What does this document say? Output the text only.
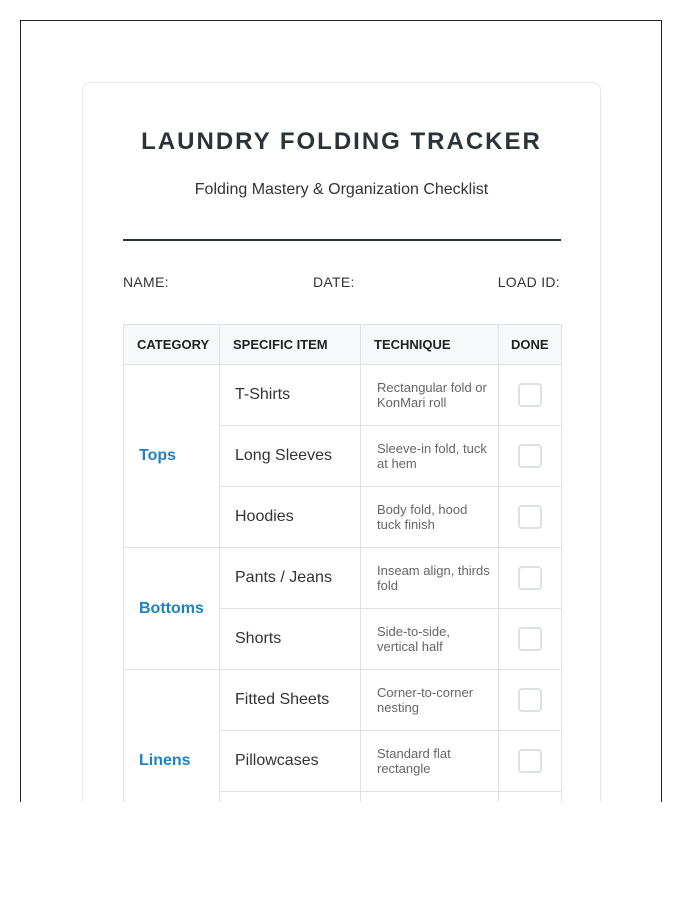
LAUNDRY FOLDING TRACKER
Folding Mastery & Organization Checklist
NAME:	DATE:	LOAD ID:
CATEGORY	SPECIFIC ITEM	TECHNIQUE	DONE
Tops	T-Shirts	Rectangular fold or KonMari roll	
	Long Sleeves	Sleeve-in fold, tuck at hem	
	Hoodies	Body fold, hood tuck finish	
Bottoms	Pants / Jeans	Inseam align, thirds fold	
	Shorts	Side-to-side, vertical half	
Linens	Fitted Sheets	Corner-to-corner nesting	
	Pillowcases	Standard flat rectangle	
